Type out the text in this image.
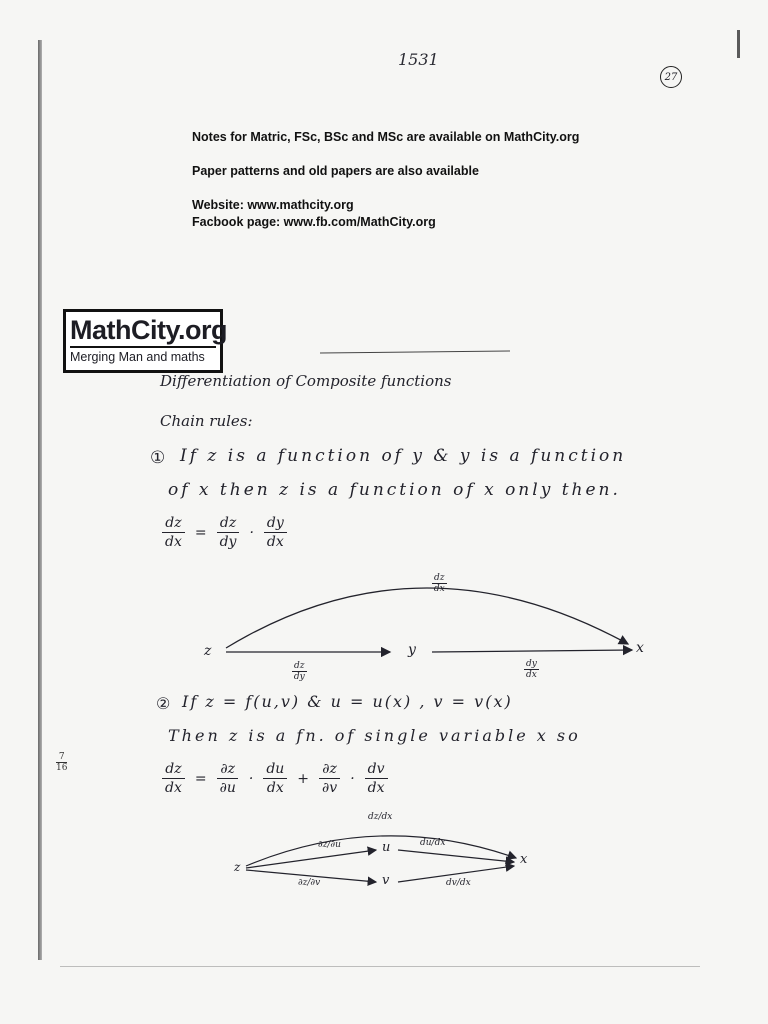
1531
27
Notes for Matric, FSc, BSc and MSc are available on MathCity.org
Paper patterns and old papers are also available
Website: www.mathcity.org
Facbook page: www.fb.com/MathCity.org
MathCity.org
Merging Man and maths
Differentiation of Composite functions
Chain rules:
① If z is a function of y & y is a function
of x then z is a function of x only then.
$\frac{dz}{dx} = \frac{dz}{dy} \cdot \frac{dy}{dx}$
② If z = f(u,v) & u = u(x) , v = v(x)
Then z is a fn. of single variable x so
$\frac{dz}{dx} = \frac{\partial z}{\partial u} \cdot \frac{du}{dx} + \frac{\partial z}{\partial v} \cdot \frac{dv}{dx}$
z	y	x
$\frac{dz}{dx}$
$\frac{dz}{dy}$	$\frac{dy}{dx}$
z
u
v
x
dz/dx
∂z/∂u	du/dx
∂z/∂v	dv/dx
$\frac{7}{16}$
